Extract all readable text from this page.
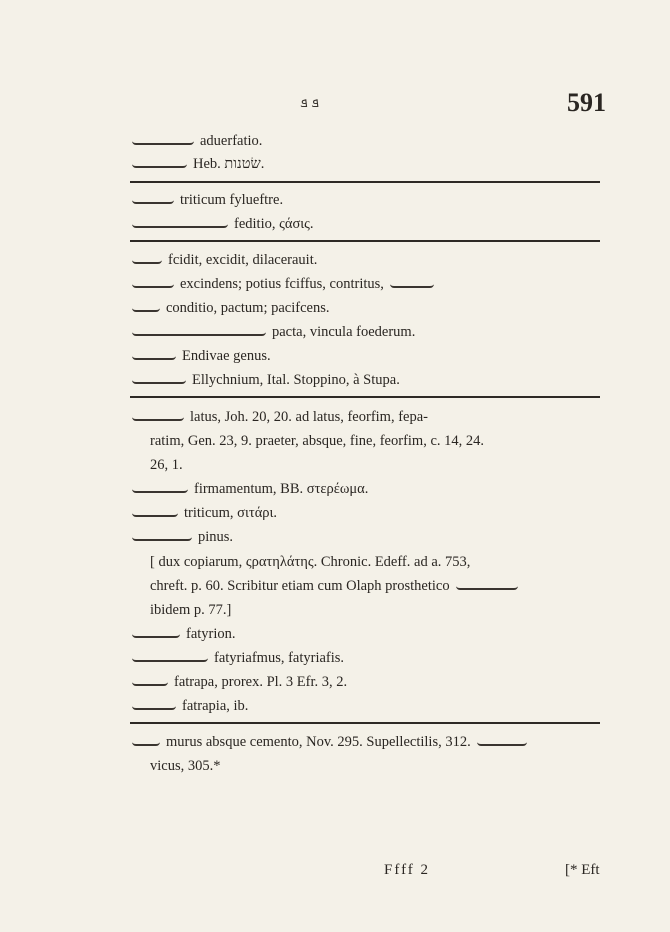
ܦ ܦ	591
aduerfatio.
Heb. שׂטנות.
triticum fylueftre.
feditio, ςάσις.
fcidit, excidit, dilacerauit.
excindens; potius fciffus, contritus,
conditio, pactum; pacifcens.
pacta, vincula foederum.
Endivae genus.
Ellychnium, Ital. Stoppino, à Stupa.
latus, Joh. 20, 20. ad latus, feorfim, fepa-
ratim, Gen. 23, 9. praeter, absque, fine, feorfim, c. 14, 24.
26, 1.
firmamentum, BB. στερέωμα.
triticum, σιτάρι.
pinus.
[ dux copiarum, ςρατηλάτης. Chronic. Edeff. ad a. 753,
chreft. p. 60. Scribitur etiam cum Olaph prosthetico
ibidem p. 77.]
fatyrion.
fatyriafmus, fatyriafis.
fatrapa, prorex. Pl. 3 Efr. 3, 2.
fatrapia, ib.
murus absque cemento, Nov. 295. Supellectilis, 312.
vicus, 305.*
Ffff 2	[* Eft
